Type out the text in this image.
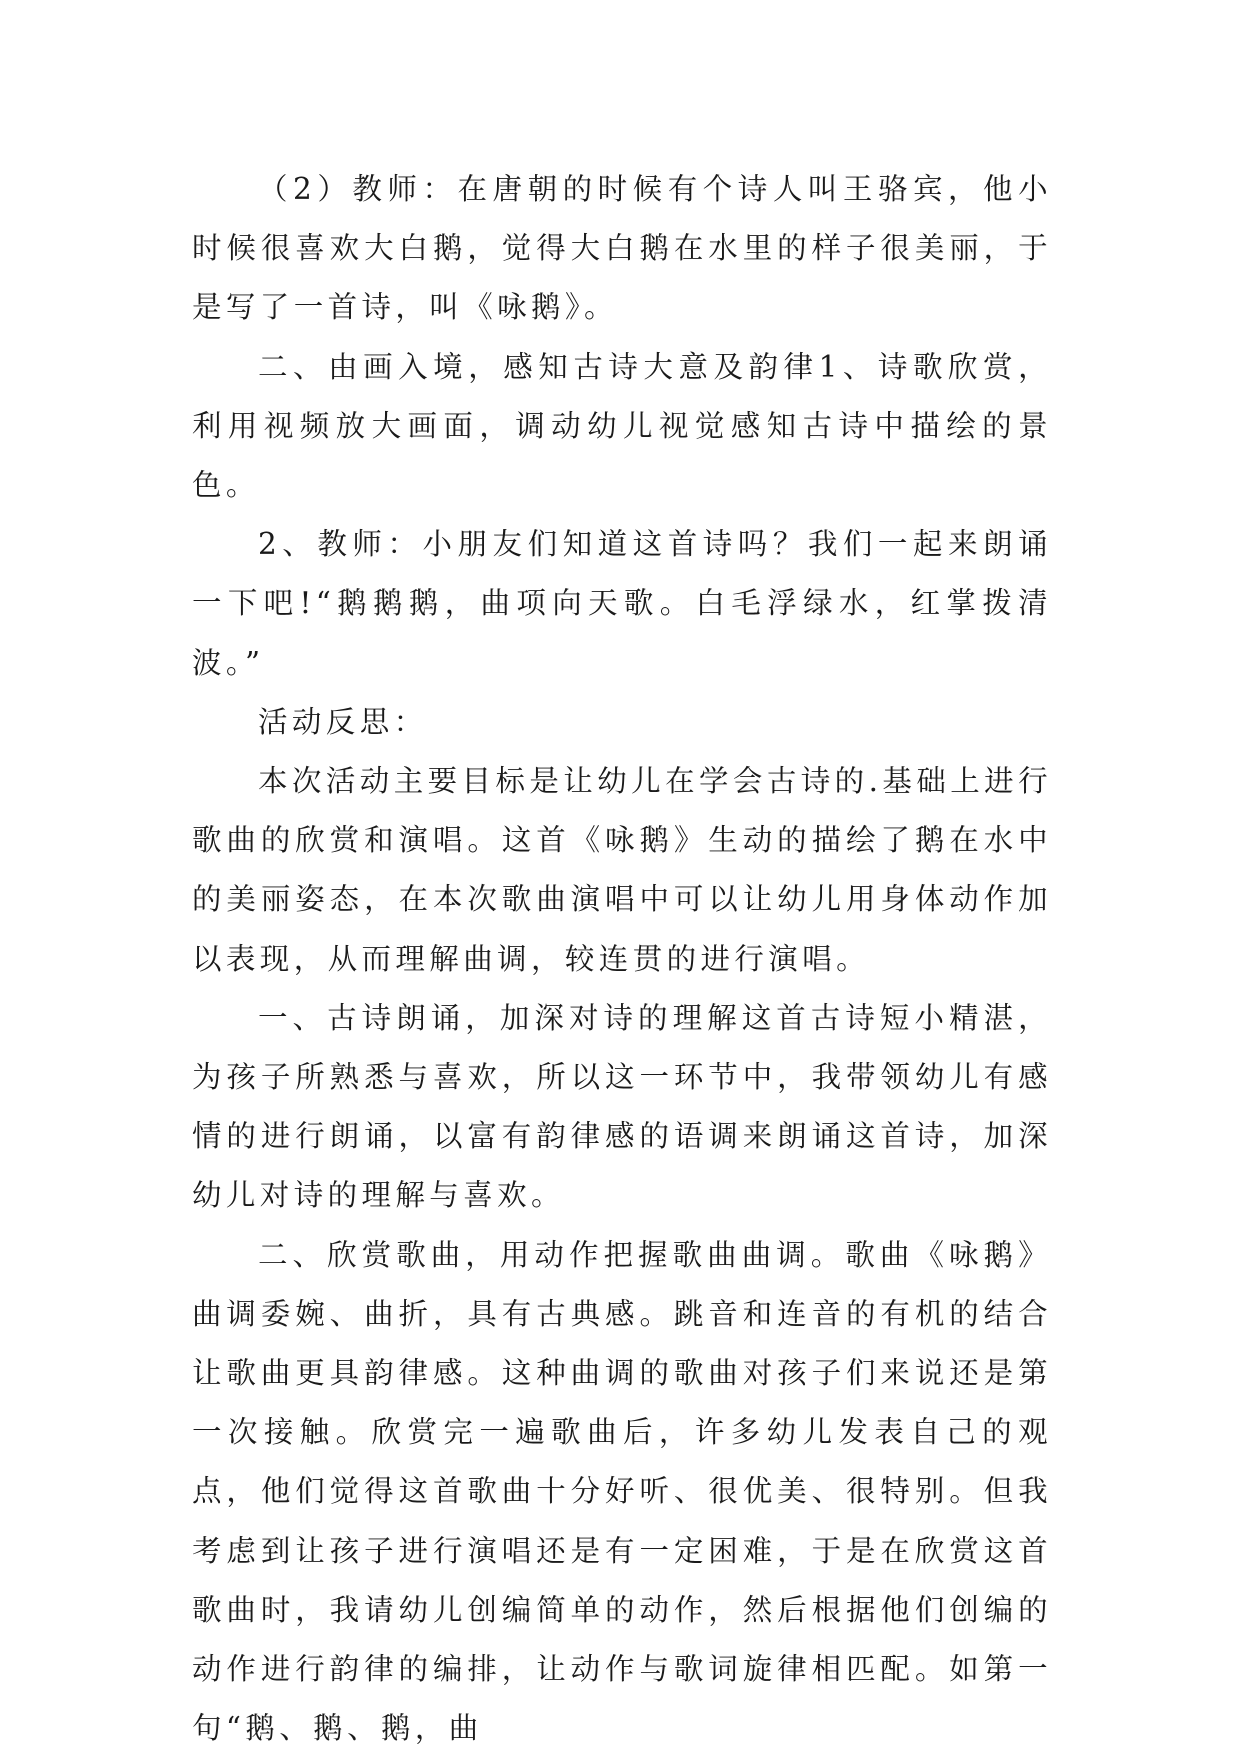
（2）教师：在唐朝的时候有个诗人叫王骆宾，他小时候很喜欢大白鹅，觉得大白鹅在水里的样子很美丽，于是写了一首诗，叫《咏鹅》。

二、由画入境，感知古诗大意及韵律1、诗歌欣赏，利用视频放大画面，调动幼儿视觉感知古诗中描绘的景色。

2、教师：小朋友们知道这首诗吗？我们一起来朗诵一下吧!“鹅鹅鹅，曲项向天歌。白毛浮绿水，红掌拨清波。”

活动反思：

本次活动主要目标是让幼儿在学会古诗的.基础上进行歌曲的欣赏和演唱。这首《咏鹅》生动的描绘了鹅在水中的美丽姿态，在本次歌曲演唱中可以让幼儿用身体动作加以表现，从而理解曲调，较连贯的进行演唱。

一、古诗朗诵，加深对诗的理解这首古诗短小精湛，为孩子所熟悉与喜欢，所以这一环节中，我带领幼儿有感情的进行朗诵，以富有韵律感的语调来朗诵这首诗，加深幼儿对诗的理解与喜欢。

二、欣赏歌曲，用动作把握歌曲曲调。歌曲《咏鹅》曲调委婉、曲折，具有古典感。跳音和连音的有机的结合让歌曲更具韵律感。这种曲调的歌曲对孩子们来说还是第一次接触。欣赏完一遍歌曲后，许多幼儿发表自己的观点，他们觉得这首歌曲十分好听、很优美、很特别。但我考虑到让孩子进行演唱还是有一定困难，于是在欣赏这首歌曲时，我请幼儿创编简单的动作，然后根据他们创编的动作进行韵律的编排，让动作与歌词旋律相匹配。如第一句“鹅、鹅、鹅，曲
